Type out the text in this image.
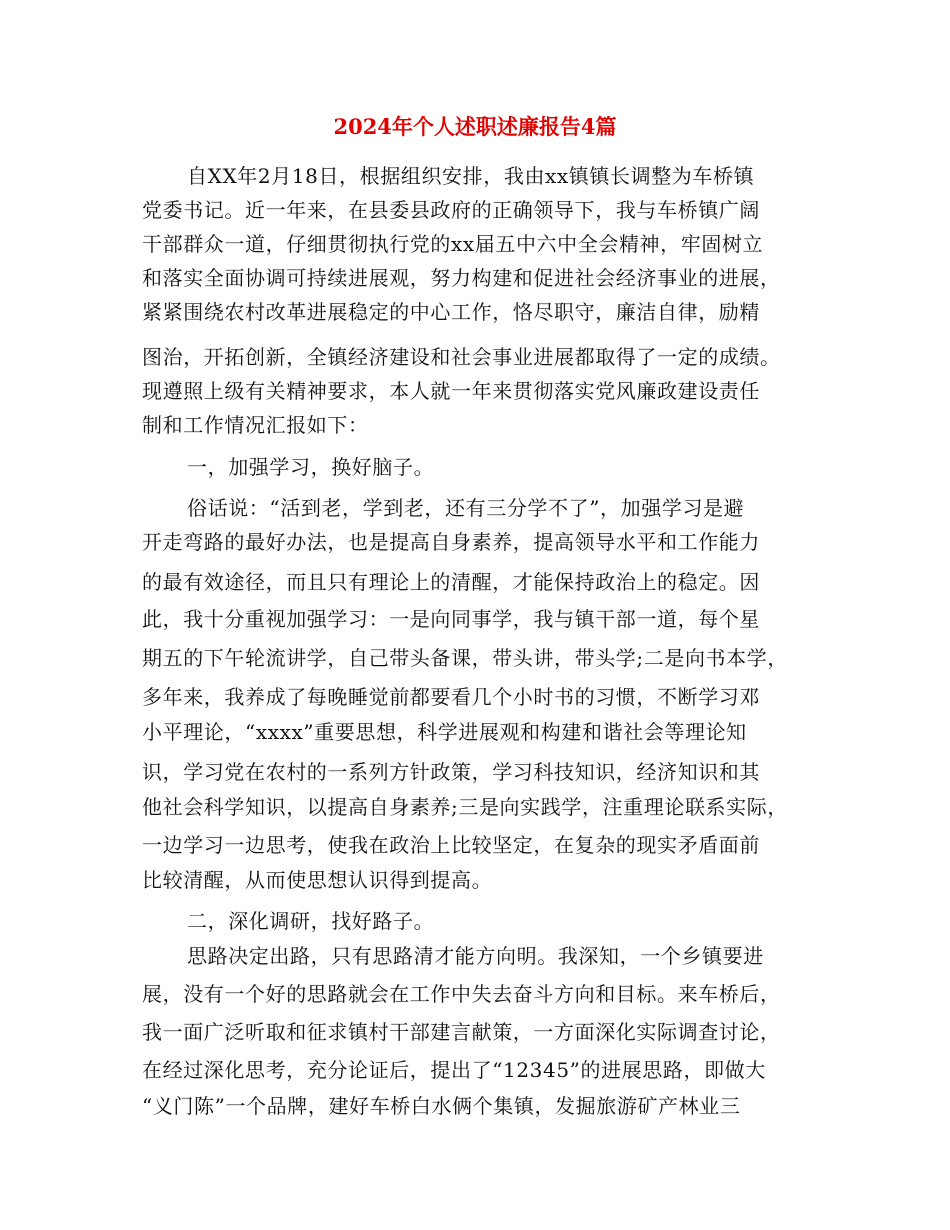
2024年个人述职述廉报告4篇
自XX年2月18日，根据组织安排，我由xx镇镇长调整为车桥镇
党委书记。近一年来，在县委县政府的正确领导下，我与车桥镇广阔
干部群众一道，仔细贯彻执行党的xx届五中六中全会精神，牢固树立
和落实全面协调可持续进展观，努力构建和促进社会经济事业的进展，
紧紧围绕农村改革进展稳定的中心工作，恪尽职守，廉洁自律，励精
图治，开拓创新，全镇经济建设和社会事业进展都取得了一定的成绩。
现遵照上级有关精神要求，本人就一年来贯彻落实党风廉政建设责任
制和工作情况汇报如下：
一，加强学习，换好脑子。
俗话说：“活到老，学到老，还有三分学不了”，加强学习是避
开走弯路的最好办法，也是提高自身素养，提高领导水平和工作能力
的最有效途径，而且只有理论上的清醒，才能保持政治上的稳定。因
此，我十分重视加强学习：一是向同事学，我与镇干部一道，每个星
期五的下午轮流讲学，自己带头备课，带头讲，带头学;二是向书本学，
多年来，我养成了每晚睡觉前都要看几个小时书的习惯，不断学习邓
小平理论，“xxxx”重要思想，科学进展观和构建和谐社会等理论知
识，学习党在农村的一系列方针政策，学习科技知识，经济知识和其
他社会科学知识，以提高自身素养;三是向实践学，注重理论联系实际，
一边学习一边思考，使我在政治上比较坚定，在复杂的现实矛盾面前
比较清醒，从而使思想认识得到提高。
二，深化调研，找好路子。
思路决定出路，只有思路清才能方向明。我深知，一个乡镇要进
展，没有一个好的思路就会在工作中失去奋斗方向和目标。来车桥后，
我一面广泛听取和征求镇村干部建言献策，一方面深化实际调查讨论，
在经过深化思考，充分论证后，提出了“12345”的进展思路，即做大
“义门陈”一个品牌，建好车桥白水俩个集镇，发掘旅游矿产林业三
